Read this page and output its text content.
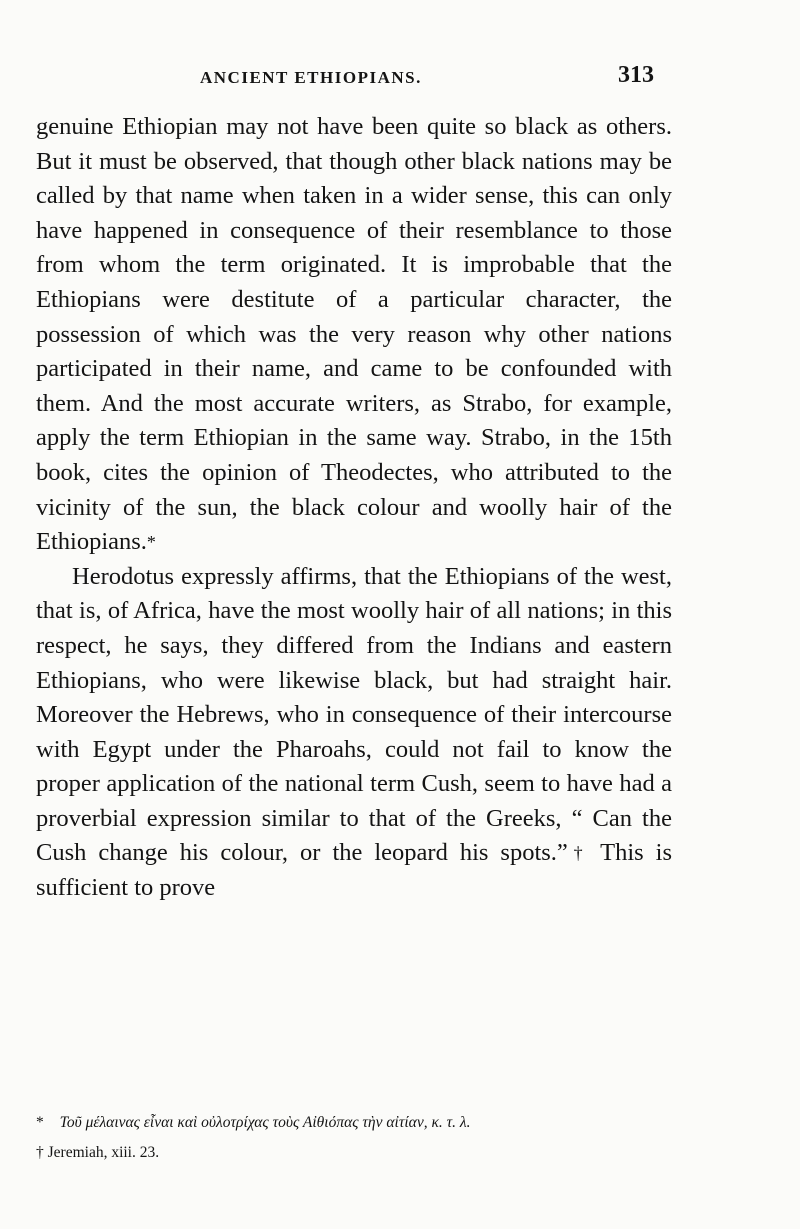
ANCIENT ETHIOPIANS.	313

genuine Ethiopian may not have been quite so black as others. But it must be observed, that though other black nations may be called by that name when taken in a wider sense, this can only have happened in consequence of their resemblance to those from whom the term originated. It is improbable that the Ethiopians were destitute of a particular character, the possession of which was the very reason why other nations participated in their name, and came to be confounded with them. And the most accurate writers, as Strabo, for example, apply the term Ethiopian in the same way. Strabo, in the 15th book, cites the opinion of Theodectes, who attributed to the vicinity of the sun, the black colour and woolly hair of the Ethiopians.*

Herodotus expressly affirms, that the Ethiopians of the west, that is, of Africa, have the most woolly hair of all nations; in this respect, he says, they differed from the Indians and eastern Ethiopians, who were likewise black, but had straight hair. Moreover the Hebrews, who in consequence of their intercourse with Egypt under the Pharoahs, could not fail to know the proper application of the national term Cush, seem to have had a proverbial expression similar to that of the Greeks, “ Can the Cush change his colour, or the leopard his spots.”† This is sufficient to prove

* Τοῦ μέλαινας εἶναι καὶ οὐλοτρίχας τοὺς Αἰθιόπας τὴν αἰτίαν, κ. τ. λ.

† Jeremiah, xiii. 23.
